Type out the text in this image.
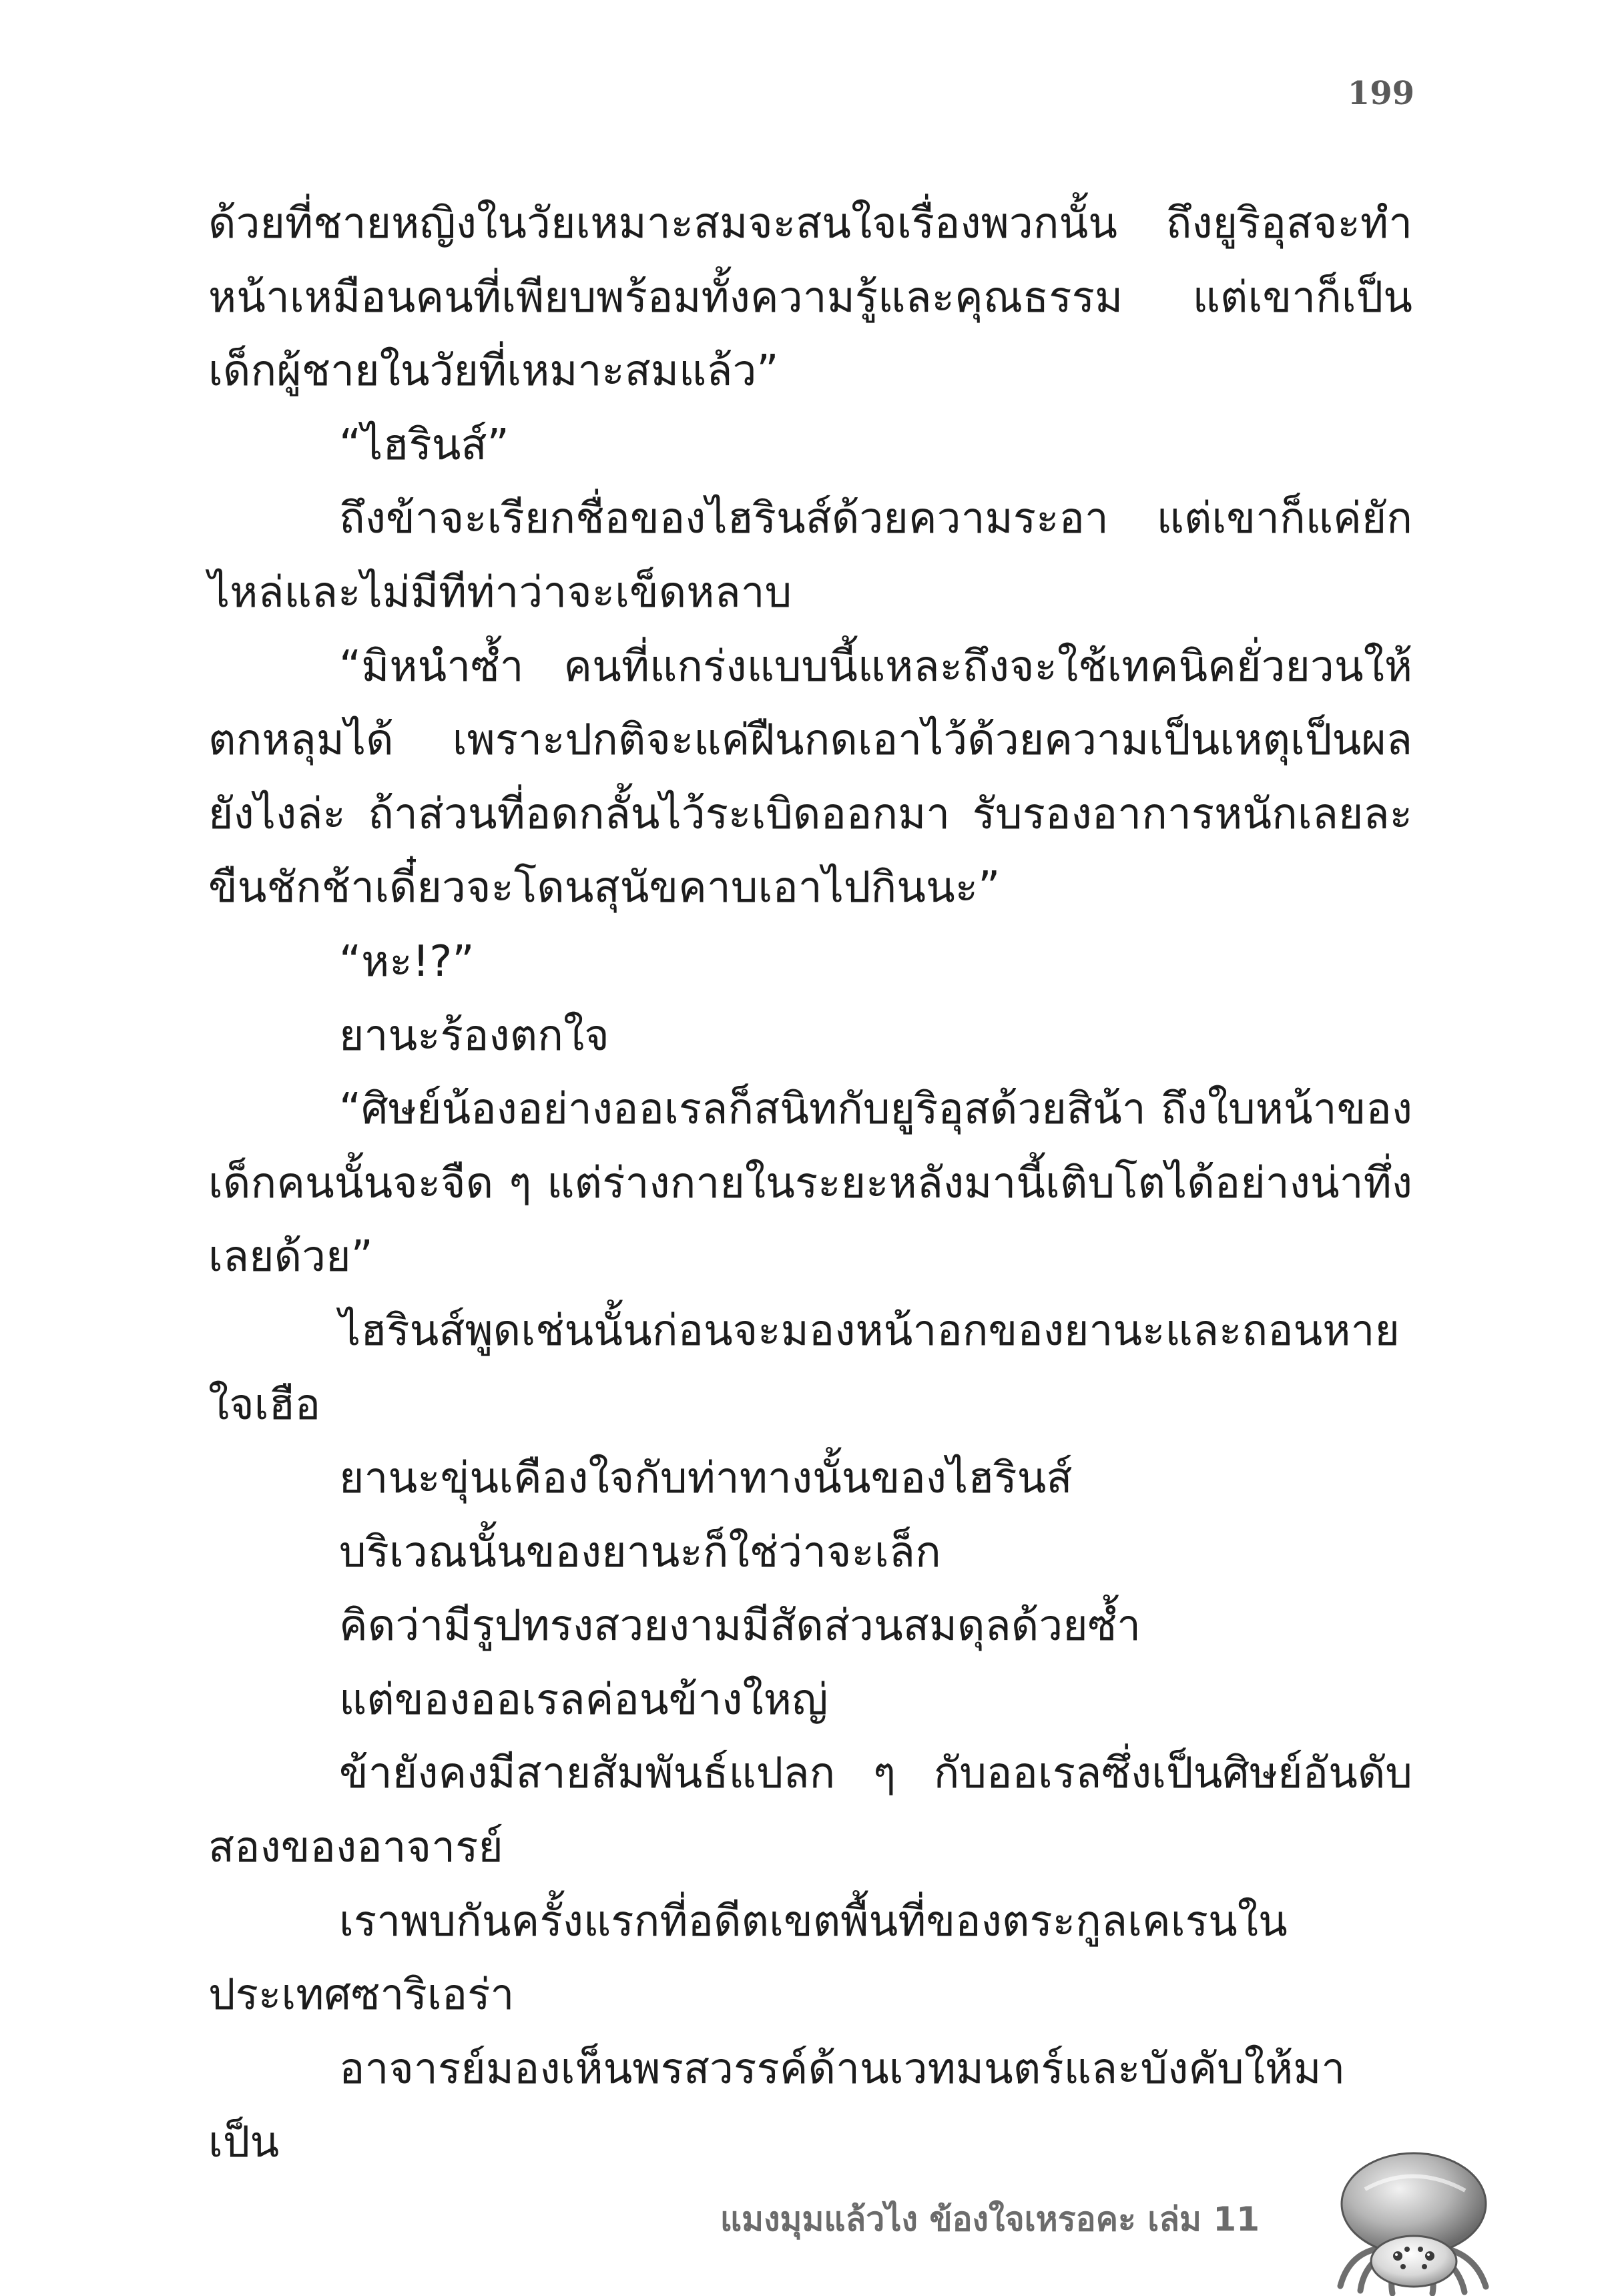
199

ด้วยที่ชายหญิงในวัยเหมาะสมจะสนใจเรื่องพวกนั้น ถึงยูริอุสจะทำหน้าเหมือนคนที่เพียบพร้อมทั้งความรู้และคุณธรรม แต่เขาก็เป็นเด็กผู้ชายในวัยที่เหมาะสมแล้ว”

“ไฮรินส์”

ถึงข้าจะเรียกชื่อของไฮรินส์ด้วยความระอา แต่เขาก็แค่ยักไหล่และไม่มีทีท่าว่าจะเข็ดหลาบ

“มิหนำซ้ำ คนที่แกร่งแบบนี้แหละถึงจะใช้เทคนิคยั่วยวนให้ตกหลุมได้ เพราะปกติจะแค่ฝืนกดเอาไว้ด้วยความเป็นเหตุเป็นผลยังไงล่ะ ถ้าส่วนที่อดกลั้นไว้ระเบิดออกมา รับรองอาการหนักเลยละ ขืนชักช้าเดี๋ยวจะโดนสุนัขคาบเอาไปกินนะ”

“หะ!?”

ยานะร้องตกใจ

“ศิษย์น้องอย่างออเรลก็สนิทกับยูริอุสด้วยสิน้า ถึงใบหน้าของเด็กคนนั้นจะจืด ๆ แต่ร่างกายในระยะหลังมานี้เติบโตได้อย่างน่าทึ่งเลยด้วย”

ไฮรินส์พูดเช่นนั้นก่อนจะมองหน้าอกของยานะและถอนหายใจเฮือ

ยานะขุ่นเคืองใจกับท่าทางนั้นของไฮรินส์

บริเวณนั้นของยานะก็ใช่ว่าจะเล็ก

คิดว่ามีรูปทรงสวยงามมีสัดส่วนสมดุลด้วยซ้ำ

แต่ของออเรลค่อนข้างใหญ่

ข้ายังคงมีสายสัมพันธ์แปลก ๆ กับออเรลซึ่งเป็นศิษย์อันดับสองของอาจารย์

เราพบกันครั้งแรกที่อดีตเขตพื้นที่ของตระกูลเคเรนในประเทศซาริเอร่า

อาจารย์มองเห็นพรสวรรค์ด้านเวทมนตร์และบังคับให้มาเป็น

แมงมุมแล้วไง ข้องใจเหรอคะ เล่ม 11
